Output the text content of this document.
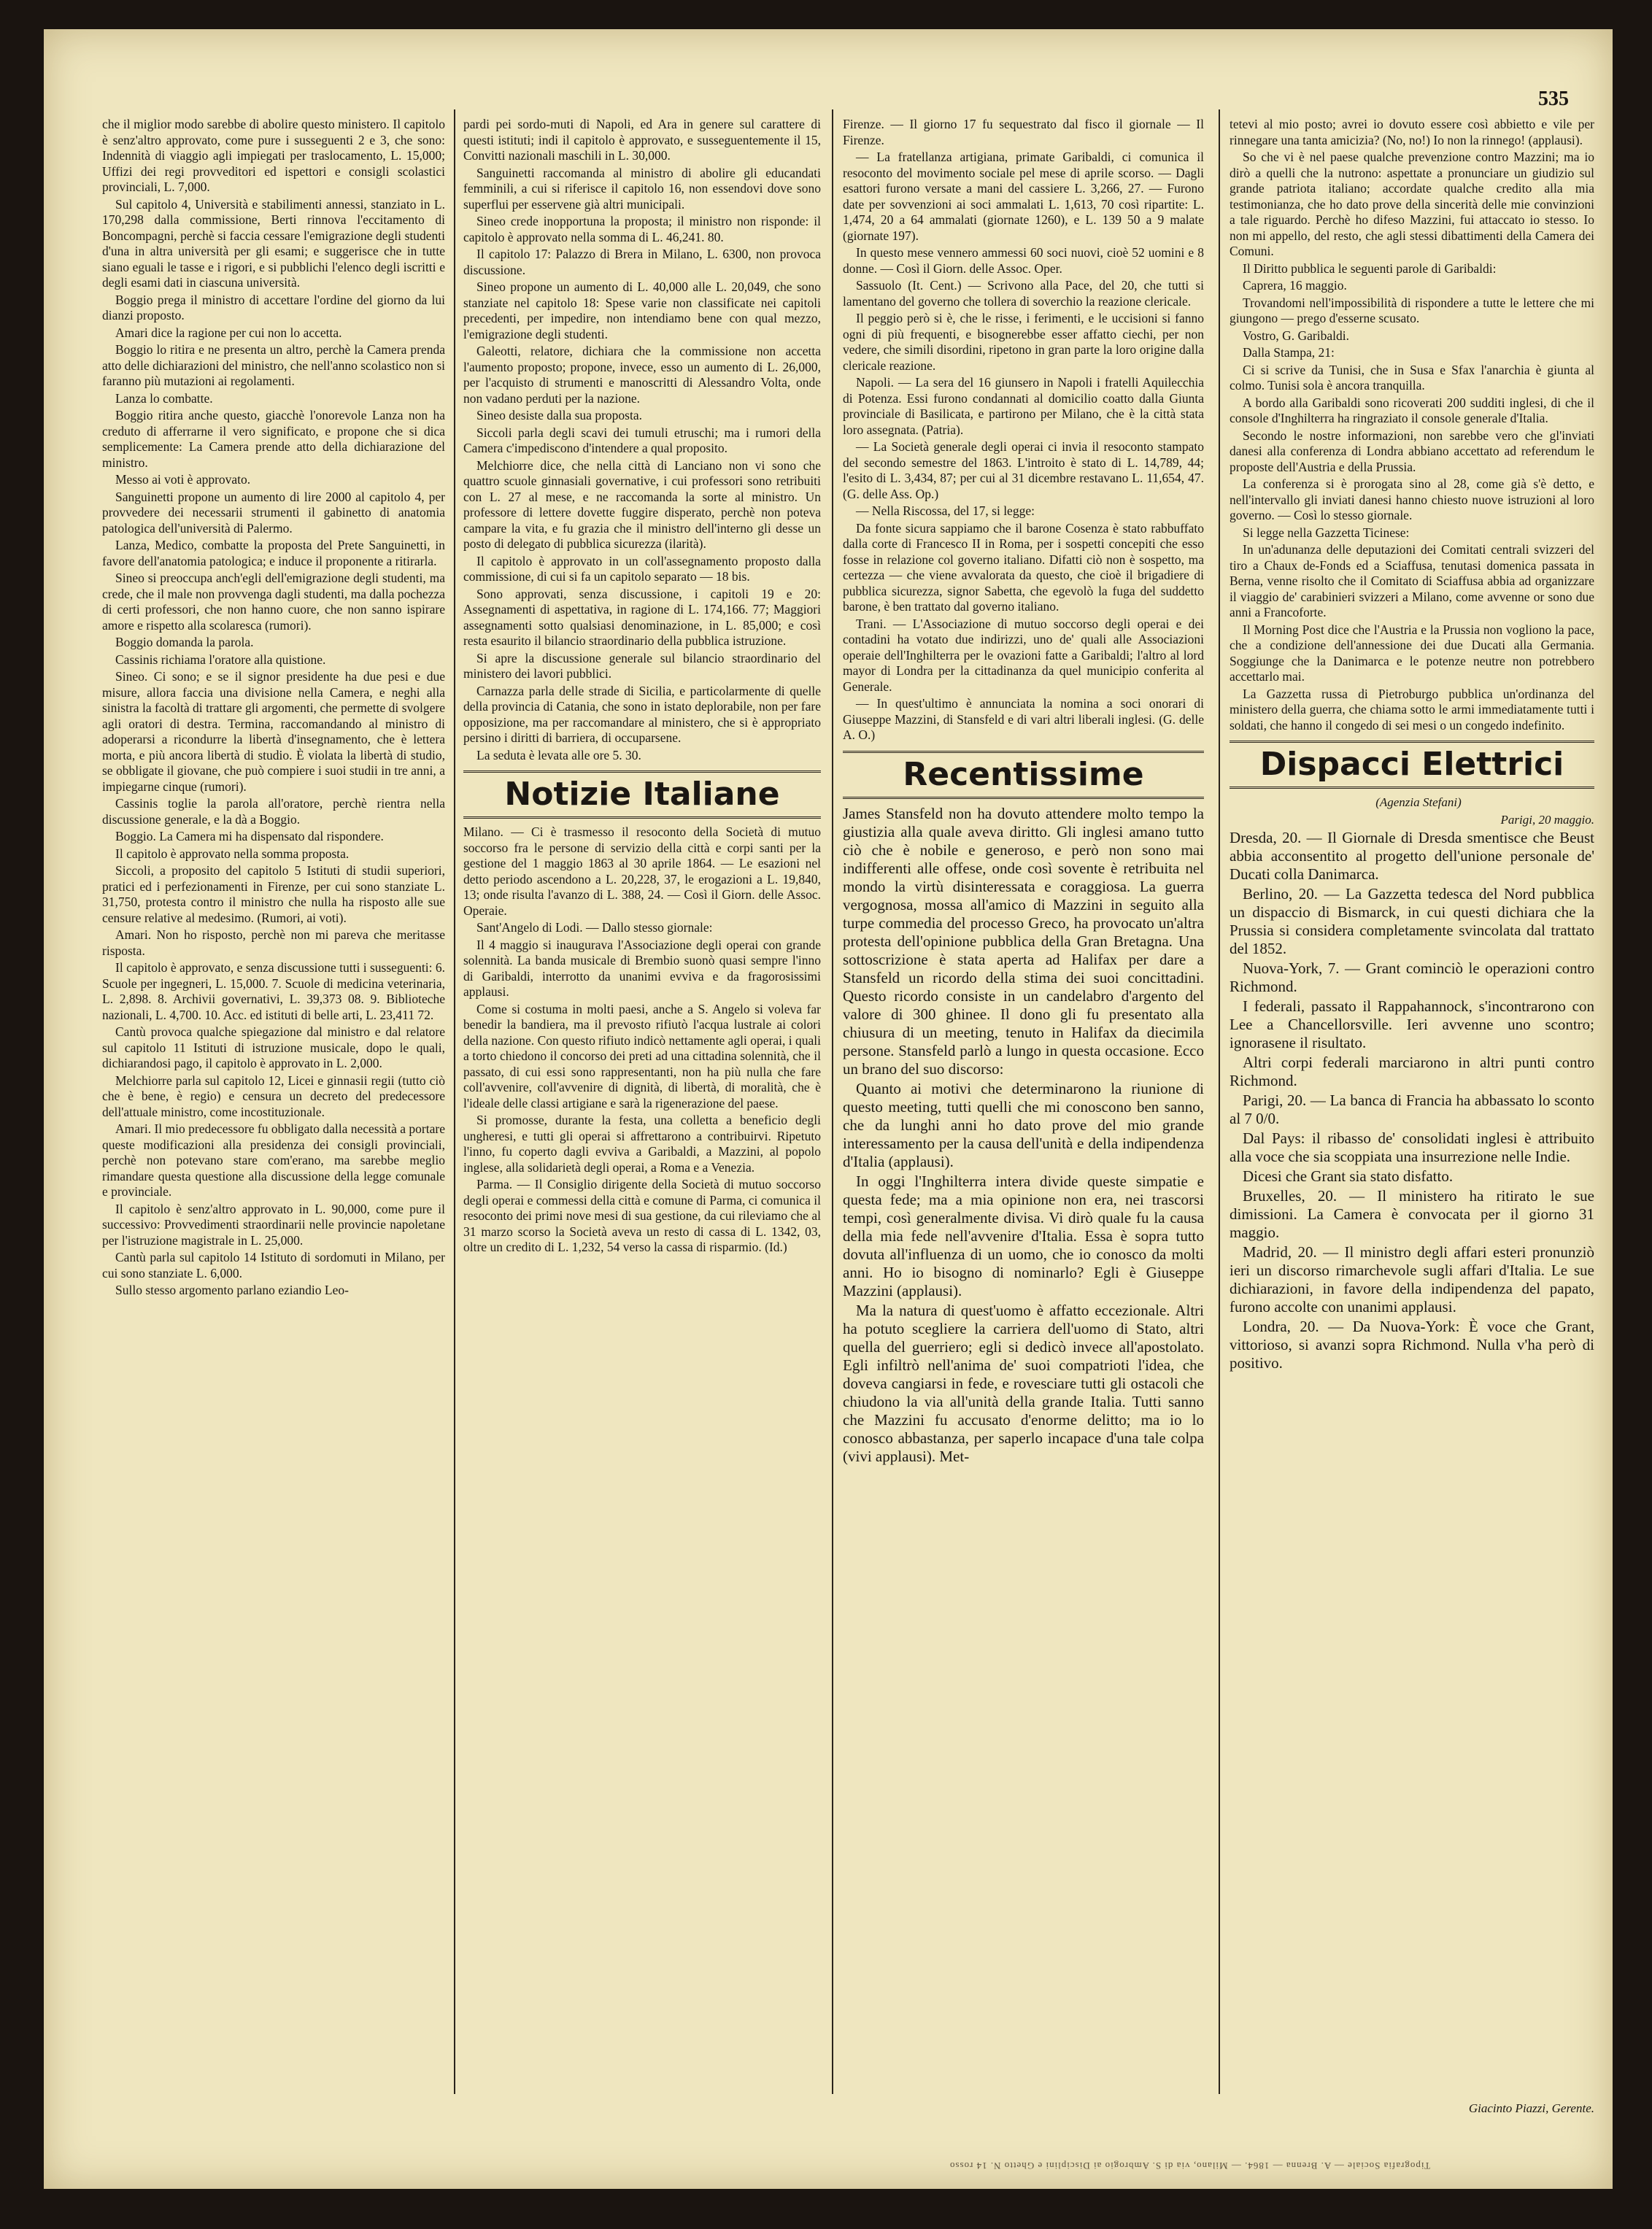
535

che il miglior modo sarebbe di abolire questo ministero. Il capitolo è senz'altro approvato, come pure i susseguenti 2 e 3, che sono: Indennità di viaggio agli impiegati per traslocamento, L. 15,000; Uffizi dei regi provveditori ed ispettori e consigli scolastici provinciali, L. 7,000.

Sul capitolo 4, Università e stabilimenti annessi, stanziato in L. 170,298 dalla commissione, Berti rinnova l'eccitamento di Boncompagni, perchè si faccia cessare l'emigrazione degli studenti d'una in altra università per gli esami; e suggerisce che in tutte siano eguali le tasse e i rigori, e si pubblichi l'elenco degli iscritti e degli esami dati in ciascuna università.

Boggio prega il ministro di accettare l'ordine del giorno da lui dianzi proposto.

Amari dice la ragione per cui non lo accetta.

Boggio lo ritira e ne presenta un altro, perchè la Camera prenda atto delle dichiarazioni del ministro, che nell'anno scolastico non si faranno più mutazioni ai regolamenti.

Lanza lo combatte.

Boggio ritira anche questo, giacchè l'onorevole Lanza non ha creduto di afferrarne il vero significato, e propone che si dica semplicemente: La Camera prende atto della dichiarazione del ministro.

Messo ai voti è approvato.

Sanguinetti propone un aumento di lire 2000 al capitolo 4, per provvedere dei necessarii strumenti il gabinetto di anatomia patologica dell'università di Palermo.

Lanza, Medico, combatte la proposta del Prete Sanguinetti, in favore dell'anatomia patologica; e induce il proponente a ritirarla.

Sineo si preoccupa anch'egli dell'emigrazione degli studenti, ma crede, che il male non provvenga dagli studenti, ma dalla pochezza di certi professori, che non hanno cuore, che non sanno ispirare amore e rispetto alla scolaresca (rumori).

Boggio domanda la parola.

Cassinis richiama l'oratore alla quistione.

Sineo. Ci sono; e se il signor presidente ha due pesi e due misure, allora faccia una divisione nella Camera, e neghi alla sinistra la facoltà di trattare gli argomenti, che permette di svolgere agli oratori di destra. Termina, raccomandando al ministro di adoperarsi a ricondurre la libertà d'insegnamento, che è lettera morta, e più ancora libertà di studio. È violata la libertà di studio, se obbligate il giovane, che può compiere i suoi studii in tre anni, a impiegarne cinque (rumori).

Cassinis toglie la parola all'oratore, perchè rientra nella discussione generale, e la dà a Boggio.

Boggio. La Camera mi ha dispensato dal rispondere.

Il capitolo è approvato nella somma proposta.

Siccoli, a proposito del capitolo 5 Istituti di studii superiori, pratici ed i perfezionamenti in Firenze, per cui sono stanziate L. 31,750, protesta contro il ministro che nulla ha risposto alle sue censure relative al medesimo. (Rumori, ai voti).

Amari. Non ho risposto, perchè non mi pareva che meritasse risposta.

Il capitolo è approvato, e senza discussione tutti i susseguenti: 6. Scuole per ingegneri, L. 15,000. 7. Scuole di medicina veterinaria, L. 2,898. 8. Archivii governativi, L. 39,373 08. 9. Biblioteche nazionali, L. 4,700. 10. Acc. ed istituti di belle arti, L. 23,411 72.

Cantù provoca qualche spiegazione dal ministro e dal relatore sul capitolo 11 Istituti di istruzione musicale, dopo le quali, dichiarandosi pago, il capitolo è approvato in L. 2,000.

Melchiorre parla sul capitolo 12, Licei e ginnasii regii (tutto ciò che è bene, è regio) e censura un decreto del predecessore dell'attuale ministro, come incostituzionale.

Amari. Il mio predecessore fu obbligato dalla necessità a portare queste modificazioni alla presidenza dei consigli provinciali, perchè non potevano stare com'erano, ma sarebbe meglio rimandare questa questione alla discussione della legge comunale e provinciale.

Il capitolo è senz'altro approvato in L. 90,000, come pure il successivo: Provvedimenti straordinarii nelle provincie napoletane per l'istruzione magistrale in L. 25,000.

Cantù parla sul capitolo 14 Istituto di sordomuti in Milano, per cui sono stanziate L. 6,000.

Sullo stesso argomento parlano eziandio Leo-

pardi pei sordo-muti di Napoli, ed Ara in genere sul carattere di questi istituti; indi il capitolo è approvato, e susseguentemente il 15, Convitti nazionali maschili in L. 30,000.

Sanguinetti raccomanda al ministro di abolire gli educandati femminili, a cui si riferisce il capitolo 16, non essendovi dove sono superflui per esservene già altri municipali.

Sineo crede inopportuna la proposta; il ministro non risponde: il capitolo è approvato nella somma di L. 46,241. 80.

Il capitolo 17: Palazzo di Brera in Milano, L. 6300, non provoca discussione.

Sineo propone un aumento di L. 40,000 alle L. 20,049, che sono stanziate nel capitolo 18: Spese varie non classificate nei capitoli precedenti, per impedire, non intendiamo bene con qual mezzo, l'emigrazione degli studenti.

Galeotti, relatore, dichiara che la commissione non accetta l'aumento proposto; propone, invece, esso un aumento di L. 26,000, per l'acquisto di strumenti e manoscritti di Alessandro Volta, onde non vadano perduti per la nazione.

Sineo desiste dalla sua proposta.

Siccoli parla degli scavi dei tumuli etruschi; ma i rumori della Camera c'impediscono d'intendere a qual proposito.

Melchiorre dice, che nella città di Lanciano non vi sono che quattro scuole ginnasiali governative, i cui professori sono retribuiti con L. 27 al mese, e ne raccomanda la sorte al ministro. Un professore di lettere dovette fuggire disperato, perchè non poteva campare la vita, e fu grazia che il ministro dell'interno gli desse un posto di delegato di pubblica sicurezza (ilarità).

Il capitolo è approvato in un coll'assegnamento proposto dalla commissione, di cui si fa un capitolo separato — 18 bis.

Sono approvati, senza discussione, i capitoli 19 e 20: Assegnamenti di aspettativa, in ragione di L. 174,166. 77; Maggiori assegnamenti sotto qualsiasi denominazione, in L. 85,000; e così resta esaurito il bilancio straordinario della pubblica istruzione.

Si apre la discussione generale sul bilancio straordinario del ministero dei lavori pubblici.

Carnazza parla delle strade di Sicilia, e particolarmente di quelle della provincia di Catania, che sono in istato deplorabile, non per fare opposizione, ma per raccomandare al ministero, che si è appropriato persino i diritti di barriera, di occuparsene.

La seduta è levata alle ore 5. 30.

Notizie Italiane

Milano. — Ci è trasmesso il resoconto della Società di mutuo soccorso fra le persone di servizio della città e corpi santi per la gestione del 1 maggio 1863 al 30 aprile 1864. — Le esazioni nel detto periodo ascendono a L. 20,228, 37, le erogazioni a L. 19,840, 13; onde risulta l'avanzo di L. 388, 24. — Così il Giorn. delle Assoc. Operaie.

Sant'Angelo di Lodi. — Dallo stesso giornale:

Il 4 maggio si inaugurava l'Associazione degli operai con grande solennità. La banda musicale di Brembio suonò quasi sempre l'inno di Garibaldi, interrotto da unanimi evviva e da fragorosissimi applausi.

Come si costuma in molti paesi, anche a S. Angelo si voleva far benedir la bandiera, ma il prevosto rifiutò l'acqua lustrale ai colori della nazione. Con questo rifiuto indicò nettamente agli operai, i quali a torto chiedono il concorso dei preti ad una cittadina solennità, che il passato, di cui essi sono rappresentanti, non ha più nulla che fare coll'avvenire, coll'avvenire di dignità, di libertà, di moralità, che è l'ideale delle classi artigiane e sarà la rigenerazione del paese.

Si promosse, durante la festa, una colletta a beneficio degli ungheresi, e tutti gli operai si affrettarono a contribuirvi. Ripetuto l'inno, fu coperto dagli evviva a Garibaldi, a Mazzini, al popolo inglese, alla solidarietà degli operai, a Roma e a Venezia.

Parma. — Il Consiglio dirigente della Società di mutuo soccorso degli operai e commessi della città e comune di Parma, ci comunica il resoconto dei primi nove mesi di sua gestione, da cui rileviamo che al 31 marzo scorso la Società aveva un resto di cassa di L. 1342, 03, oltre un credito di L. 1,232, 54 verso la cassa di risparmio. (Id.)

Firenze. — Il giorno 17 fu sequestrato dal fisco il giornale — Il Firenze.

— La fratellanza artigiana, primate Garibaldi, ci comunica il resoconto del movimento sociale pel mese di aprile scorso. — Dagli esattori furono versate a mani del cassiere L. 3,266, 27. — Furono date per sovvenzioni ai soci ammalati L. 1,613, 70 così ripartite: L. 1,474, 20 a 64 ammalati (giornate 1260), e L. 139 50 a 9 malate (giornate 197).

In questo mese vennero ammessi 60 soci nuovi, cioè 52 uomini e 8 donne. — Così il Giorn. delle Assoc. Oper.

Sassuolo (It. Cent.) — Scrivono alla Pace, del 20, che tutti si lamentano del governo che tollera di soverchio la reazione clericale.

Il peggio però si è, che le risse, i ferimenti, e le uccisioni si fanno ogni di più frequenti, e bisognerebbe esser affatto ciechi, per non vedere, che simili disordini, ripetono in gran parte la loro origine dalla clericale reazione.

Napoli. — La sera del 16 giunsero in Napoli i fratelli Aquilecchia di Potenza. Essi furono condannati al domicilio coatto dalla Giunta provinciale di Basilicata, e partirono per Milano, che è la città stata loro assegnata. (Patria).

— La Società generale degli operai ci invia il resoconto stampato del secondo semestre del 1863. L'introito è stato di L. 14,789, 44; l'esito di L. 3,434, 87; per cui al 31 dicembre restavano L. 11,654, 47. (G. delle Ass. Op.)

— Nella Riscossa, del 17, si legge:

Da fonte sicura sappiamo che il barone Cosenza è stato rabbuffato dalla corte di Francesco II in Roma, per i sospetti concepiti che esso fosse in relazione col governo italiano. Difatti ciò non è sospetto, ma certezza — che viene avvalorata da questo, che cioè il brigadiere di pubblica sicurezza, signor Sabetta, che egevolò la fuga del suddetto barone, è ben trattato dal governo italiano.

Trani. — L'Associazione di mutuo soccorso degli operai e dei contadini ha votato due indirizzi, uno de' quali alle Associazioni operaie dell'Inghilterra per le ovazioni fatte a Garibaldi; l'altro al lord mayor di Londra per la cittadinanza da quel municipio conferita al Generale.

— In quest'ultimo è annunciata la nomina a soci onorari di Giuseppe Mazzini, di Stansfeld e di vari altri liberali inglesi. (G. delle A. O.)

Recentissime

James Stansfeld non ha dovuto attendere molto tempo la giustizia alla quale aveva diritto. Gli inglesi amano tutto ciò che è nobile e generoso, e però non sono mai indifferenti alle offese, onde così sovente è retribuita nel mondo la virtù disinteressata e coraggiosa. La guerra vergognosa, mossa all'amico di Mazzini in seguito alla turpe commedia del processo Greco, ha provocato un'altra protesta dell'opinione pubblica della Gran Bretagna. Una sottoscrizione è stata aperta ad Halifax per dare a Stansfeld un ricordo della stima dei suoi concittadini. Questo ricordo consiste in un candelabro d'argento del valore di 300 ghinee. Il dono gli fu presentato alla chiusura di un meeting, tenuto in Halifax da diecimila persone. Stansfeld parlò a lungo in questa occasione. Ecco un brano del suo discorso:

Quanto ai motivi che determinarono la riunione di questo meeting, tutti quelli che mi conoscono ben sanno, che da lunghi anni ho dato prove del mio grande interessamento per la causa dell'unità e della indipendenza d'Italia (applausi).

In oggi l'Inghilterra intera divide queste simpatie e questa fede; ma a mia opinione non era, nei trascorsi tempi, così generalmente divisa. Vi dirò quale fu la causa della mia fede nell'avvenire d'Italia. Essa è sopra tutto dovuta all'influenza di un uomo, che io conosco da molti anni. Ho io bisogno di nominarlo? Egli è Giuseppe Mazzini (applausi).

Ma la natura di quest'uomo è affatto eccezionale. Altri ha potuto scegliere la carriera dell'uomo di Stato, altri quella del guerriero; egli si dedicò invece all'apostolato. Egli infiltrò nell'anima de' suoi compatrioti l'idea, che doveva cangiarsi in fede, e rovesciare tutti gli ostacoli che chiudono la via all'unità della grande Italia. Tutti sanno che Mazzini fu accusato d'enorme delitto; ma io lo conosco abbastanza, per saperlo incapace d'una tale colpa (vivi applausi). Met-

tetevi al mio posto; avrei io dovuto essere così abbietto e vile per rinnegare una tanta amicizia? (No, no!) Io non la rinnego! (applausi).

So che vi è nel paese qualche prevenzione contro Mazzini; ma io dirò a quelli che la nutrono: aspettate a pronunciare un giudizio sul grande patriota italiano; accordate qualche credito alla mia testimonianza, che ho dato prove della sincerità delle mie convinzioni a tale riguardo. Perchè ho difeso Mazzini, fui attaccato io stesso. Io non mi appello, del resto, che agli stessi dibattimenti della Camera dei Comuni.

Il Diritto pubblica le seguenti parole di Garibaldi:

Caprera, 16 maggio.

Trovandomi nell'impossibilità di rispondere a tutte le lettere che mi giungono — prego d'esserne scusato.

Vostro, G. Garibaldi.

Dalla Stampa, 21:

Ci si scrive da Tunisi, che in Susa e Sfax l'anarchia è giunta al colmo. Tunisi sola è ancora tranquilla.

A bordo alla Garibaldi sono ricoverati 200 sudditi inglesi, di che il console d'Inghilterra ha ringraziato il console generale d'Italia.

Secondo le nostre informazioni, non sarebbe vero che gl'inviati danesi alla conferenza di Londra abbiano accettato ad referendum le proposte dell'Austria e della Prussia.

La conferenza si è prorogata sino al 28, come già s'è detto, e nell'intervallo gli inviati danesi hanno chiesto nuove istruzioni al loro governo. — Così lo stesso giornale.

Si legge nella Gazzetta Ticinese:

In un'adunanza delle deputazioni dei Comitati centrali svizzeri del tiro a Chaux de-Fonds ed a Sciaffusa, tenutasi domenica passata in Berna, venne risolto che il Comitato di Sciaffusa abbia ad organizzare il viaggio de' carabinieri svizzeri a Milano, come avvenne or sono due anni a Francoforte.

Il Morning Post dice che l'Austria e la Prussia non vogliono la pace, che a condizione dell'annessione dei due Ducati alla Germania. Soggiunge che la Danimarca e le potenze neutre non potrebbero accettarlo mai.

La Gazzetta russa di Pietroburgo pubblica un'ordinanza del ministero della guerra, che chiama sotto le armi immediatamente tutti i soldati, che hanno il congedo di sei mesi o un congedo indefinito.

Dispacci Elettrici

(Agenzia Stefani)

Parigi, 20 maggio.

Dresda, 20. — Il Giornale di Dresda smentisce che Beust abbia acconsentito al progetto dell'unione personale de' Ducati colla Danimarca.

Berlino, 20. — La Gazzetta tedesca del Nord pubblica un dispaccio di Bismarck, in cui questi dichiara che la Prussia si considera completamente svincolata dal trattato del 1852.

Nuova-York, 7. — Grant cominciò le operazioni contro Richmond.

I federali, passato il Rappahannock, s'incontrarono con Lee a Chancellorsville. Ieri avvenne uno scontro; ignorasene il risultato.

Altri corpi federali marciarono in altri punti contro Richmond.

Parigi, 20. — La banca di Francia ha abbassato lo sconto al 7 0/0.

Dal Pays: il ribasso de' consolidati inglesi è attribuito alla voce che sia scoppiata una insurrezione nelle Indie.

Dicesi che Grant sia stato disfatto.

Bruxelles, 20. — Il ministero ha ritirato le sue dimissioni. La Camera è convocata per il giorno 31 maggio.

Madrid, 20. — Il ministro degli affari esteri pronunziò ieri un discorso rimarchevole sugli affari d'Italia. Le sue dichiarazioni, in favore della indipendenza del papato, furono accolte con unanimi applausi.

Londra, 20. — Da Nuova-York: È voce che Grant, vittorioso, si avanzi sopra Richmond. Nulla v'ha però di positivo.

Giacinto Piazzi, Gerente.
Tipografia Sociale — A. Brenna — 1864. — Milano, via di S. Ambrogio ai Disciplini e Ghetto N. 14 rosso
